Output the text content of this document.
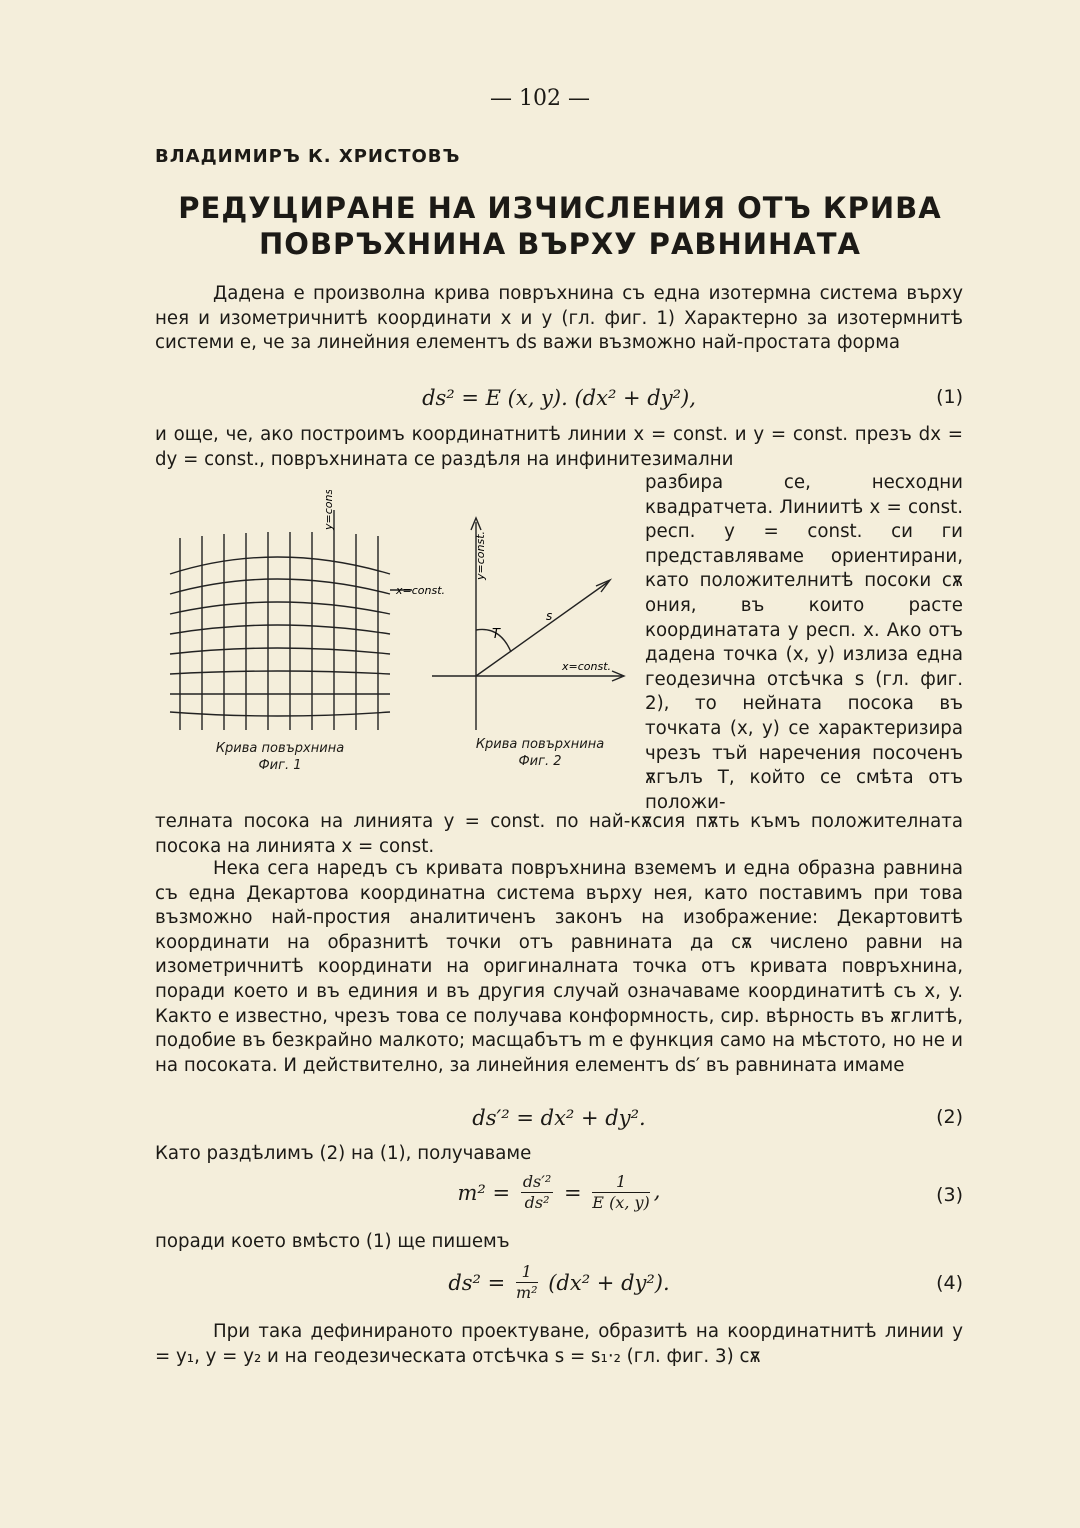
— 102 —
ВЛАДИМИРЪ К. ХРИСТОВЪ
РЕДУЦИРАНЕ НА ИЗЧИСЛЕНИЯ ОТЪ КРИВА ПОВРЪХНИНА ВЪРХУ РАВНИНАТА
Дадена е произволна крива повръхнина съ една изотермна система върху нея и изометричнитѣ координати x и y (гл. фиг. 1) Характерно за изотермнитѣ системи е, че за линейния елементъ ds важи възможно най-простата форма
ds² = E (x, y). (dx² + dy²),	(1)
и още, че, ако построимъ координатнитѣ линии x = const. и y = const. презъ dx = dy = const., повръхнината се раздѣля на инфинитезимални
разбира се, несходни квадратчета. Линиитѣ x = const. респ. y = const. си ги представляваме ориентирани, като положителнитѣ посоки сѫ ония, въ които расте координатата y респ. x. Ако отъ дадена точка (x, y) излиза една геодезична отсѣчка s (гл. фиг. 2), то нейната посока въ точката (x, y) се характеризира чрезъ тъй наречения посоченъ ѫгълъ T, който се смѣта отъ положи-
телната посока на линията y = const. по най-кѫсия пѫть къмъ положителната посока на линията x = const.
y=const.
x=const.
y=const.
x=const.
s
T
Крива повърхнина
Фиг. 1
Крива повърхнина
Фиг. 2
Нека сега наредъ съ кривата повръхнина вземемъ и една образна равнина съ една Декартова координатна система върху нея, като поставимъ при това възможно най-простия аналитиченъ законъ на изображение: Декартовитѣ координати на образнитѣ точки отъ равнината да сѫ числено равни на изометричнитѣ координати на оригиналната точка отъ кривата повръхнина, поради което и въ единия и въ другия случай означаваме координатитѣ съ x, y. Както е известно, чрезъ това се получава конформность, сир. вѣрность въ ѫглитѣ, подобие въ безкрайно малкото; масщабътъ m е функция само на мѣстото, но не и на посоката. И действително, за линейния елементъ ds′ въ равнината имаме
ds′² = dx² + dy².	(2)
Като раздѣлимъ (2) на (1), получаваме
$m^2 = \frac{\text{ds′²}}{\text{ds²}} = \frac{1}{E (x, y)}$ ,	(3)
поради което вмѣсто (1) ще пишемъ
$ds^2 = \frac{1}{\text{m²}} (dx^2 + dy^2)$.	(4)
При така дефинираното проектуване, образитѣ на координатнитѣ линии y = y₁, y = y₂ и на геодезическата отсѣчка s = s₁·₂ (гл. фиг. 3) сѫ
